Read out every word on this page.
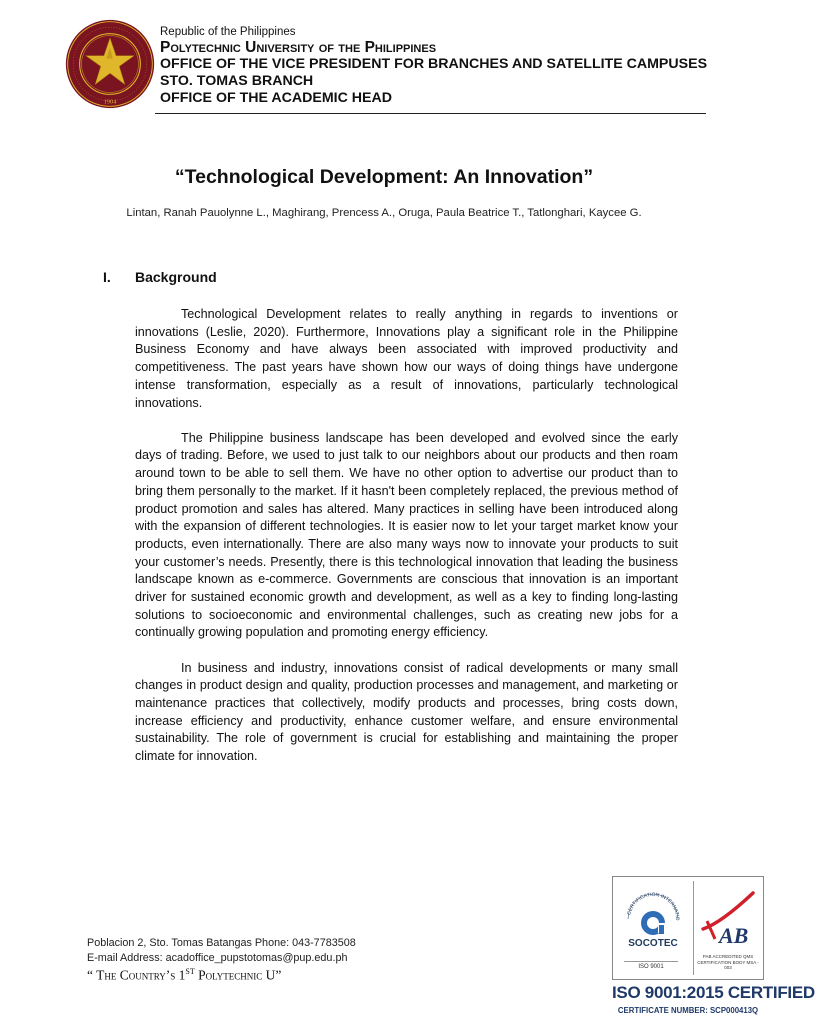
1904
Republic of the Philippines
Polytechnic University of the Philippines
OFFICE OF THE VICE PRESIDENT FOR BRANCHES AND SATELLITE CAMPUSES
STO. TOMAS BRANCH
OFFICE OF THE ACADEMIC HEAD
“Technological Development: An Innovation”
Lintan, Ranah Pauolynne L., Maghirang, Prencess A., Oruga, Paula Beatrice T., Tatlonghari, Kaycee G.
I. Background

Technological Development relates to really anything in regards to inventions or innovations (Leslie, 2020). Furthermore, Innovations play a significant role in the Philippine Business Economy and have always been associated with improved productivity and competitiveness. The past years have shown how our ways of doing things have undergone intense transformation, especially as a result of innovations, particularly technological innovations.

The Philippine business landscape has been developed and evolved since the early days of trading. Before, we used to just talk to our neighbors about our products and then roam around town to be able to sell them. We have no other option to advertise our product than to bring them personally to the market. If it hasn't been completely replaced, the previous method of product promotion and sales has altered. Many practices in selling have been introduced along with the expansion of different technologies. It is easier now to let your target market know your products, even internationally. There are also many ways now to innovate your products to suit your customer’s needs. Presently, there is this technological innovation that leading the business landscape known as e-commerce. Governments are conscious that innovation is an important driver for sustained economic growth and development, as well as a key to finding long-lasting solutions to socioeconomic and environmental challenges, such as creating new jobs for a continually growing population and promoting energy efficiency.

In business and industry, innovations consist of radical developments or many small changes in product design and quality, production processes and management, and marketing or maintenance practices that collectively, modify products and processes, bring costs down, increase efficiency and productivity, enhance customer welfare, and ensure environmental sustainability. The role of government is crucial for establishing and maintaining the proper climate for innovation.

Poblacion 2, Sto. Tomas Batangas Phone: 043-7783508
E-mail Address: acadoffice_pupstotomas@pup.edu.ph
“ The Country’s 1ST Polytechnic U”
CERTIFICATION INTERNATIO
SOCOTEC
ISO 9001
AB
PAB ACCREDITED QMS CERTIFICATION BODY MSA - 003
ISO 9001:2015 CERTIFIED
CERTIFICATE NUMBER: SCP000413Q
